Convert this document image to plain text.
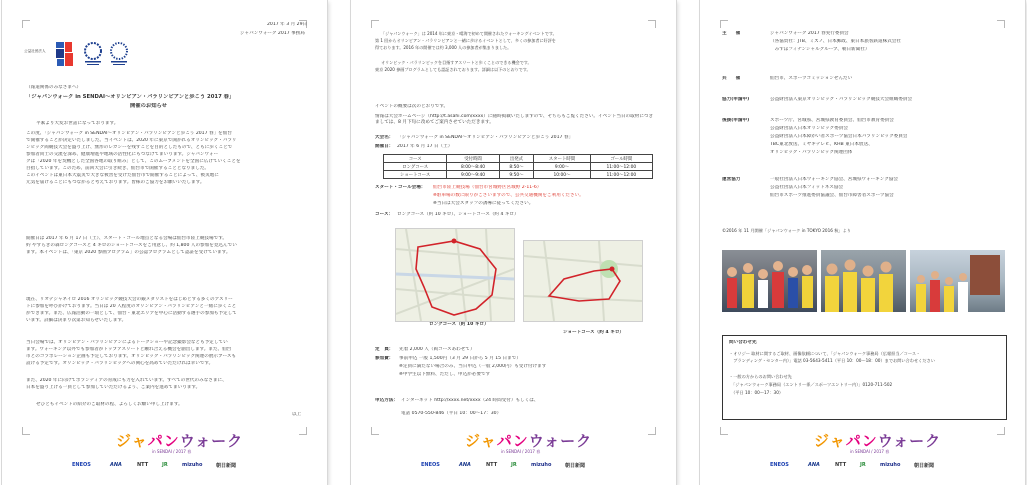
2017 年 3 月 29日
ジャパンウォーク 2017 事務局
公益社団法人
（報道関係のみなさまへ）
「ジャパンウォーク in SENDAI～オリンピアン・パラリンピアンと歩こう 2017 春」
開催のお知らせ
平素より大変お世話になっております。
この度、「ジャパンウォーク in SENDAI～オリンピアン・パラリンピアンと歩こう 2017 春」を仙台
で開催することが決定いたしました。当イベントは、2020 年に東京で開かれるオリンピック・パラリ
ンピック両競技大会を盛り上げ、無形のレガシーを残すことを目的としたもので、ともに歩くことで
参加者同士の交流を深め、健康増進や地域の活性化にもつなげてまいります。ジャパンウォー
クは「2020 年を契機とした全国各地の取り組み」として、このムーブメントを全国に広げていくことを
目指しています。このため、前回大会に引き続き、仙台市で開催することとなりました。
このイベントは東日本大震災で大きな被害を受けた仙台市で開催することによって、被災地に
元気を届けることにもつながると考えております。皆様のご協力をお願いいたします。
開催日は 2017 年 6 月 17 日（土）、スタート・ゴール地点となる会場は仙台市陸上競技場です。
約 やすらぎの森ロングコースと 4 キロのショートコースをご用意し、約 1,800 人の参加を見込んでい
ます。本イベントは、「東京 2020 参画プログラム」の公認プログラムとして認証を受けています。
現在、リオデジャネイロ 2016 オリンピック競技大会の銀メダリストをはじめとする多くのアスリー
トに参加を呼びかけております。当日は 20 人程度のオリンピアン・パラリンピアンと一緒に歩くこと
ができます。また、広報活動の一環として、仙台・東北エリアを中心に活動する選手の参加も予定して
います。詳細は決まり次第お知らせいたします。
当日会場では、オリンピアン・パラリンピアンによるトークショーや記念撮影会なども予定してい
ます。ウォーキング以外でも参加者がトップアスリートと触れ合える機会を創出します。また、仙台
市とのコラボレーション企画も予定しております。オリンピック・パラリンピック関連の展示ブースも
設ける予定です。オリンピック・パラリンピックへの関心を高めていただければ幸いです。
また、2020 年に向けてボランティアの育成にも力を入れています。すべての世代のみなさまに、
日本を盛り上げる一員として参加していただけるよう、ご案内を進めてまいります。
ぜひともイベントの紹介のご取材の程、よろしくお願い申し上げます。
以上
ジャパンウォーク
in SENDAI / 2017 春
ENEOS	ANA	NTT	JR	mizuho	朝日新聞
「ジャパンウォーク」は 2014 年に東京・晴海で初めて開催されたウォーキングイベントです。
第 1 回からオリンピアン・パラリンピアンと一緒に歩けるイベントとして、多くの参加者に好評を
得ております。2016 年の開催では約 3,000 人の参加者が集まりました。
オリンピック・パラリンピックを目指すアスリートと歩くことのできる機会です。
東京 2020 参画プログラムとしても認証されております。詳細は以下のとおりです。
イベントの概要は次のとおりです。
情報は大会ホームページ（http://t.asahi.com/xxxx）に随時掲載いたしますので、そちらもご覧ください。イベント当日の取材につきましては、8 月下旬に改めてご案内させていただきます。
大会名： 「ジャパンウォーク in SENDAI～オリンピアン・パラリンピアンと歩こう 2017 春」
開催日： 2017 年 6 月 17 日（土）
コース	受付時間	出発式	スタート時間	ゴール時間
ロングコース	8:00～8:40	8:50～	9:00～	11:00～12:00
ショートコース	9:00～9:40	9:50～	10:00～	11:00～12:00
スタート・ゴール会場： 仙台市陸上競技場（仙台市宮城野区宮城野 2-11-6）
※駐車場の数に限りがございますので、公共交通機関をご利用ください。
※当日は大会スタッフの誘導に従ってください。
コース： ロングコース（約 10 キロ）、ショートコース（約 4 キロ）
ロングコース（約 10 キロ）
ショートコース（約 4 キロ）
定　員： 先着 2,000 人（両コースあわせて）
参加費： 事前申込 一般 1,500円（3 月 29 日から 5 月 15 日まで）
※定員に満たない場合のみ、当日申込（一般 2,000円）も受け付けます
※中学生以下無料、ただし、申込が必要です
申込方法： インターネット http://xxxx.net/xxxx（24 時間受付）もしくは、
電話 0570-550-846（平日 10：00～17：30）
ジャパンウォーク
in SENDAI / 2017 春
ENEOS	ANA	NTT	JR	mizuho	朝日新聞
主　　催	ジャパンウォーク 2017 春実行委員会
（各協賛社：JTB、ミズノ、日本郵政、東日本旅客鉄道株式会社
　みずほフィナンシャルグループ、朝日新聞社）
共　　催	仙台市、スポーツコミッションせんだい
協力(申請中)	公益財団法人東京オリンピック・パラリンピック競技大会組織委員会
後援(申請中)	スポーツ庁、宮城県、宮城県教育委員会、仙台市教育委員会
公益財団法人日本オリンピック委員会
公益財団法人日本障がい者スポーツ協会日本パラリンピック委員会
TBC東北放送、ミヤギテレビ、KHB 東日本放送、
オリンピック・パラリンピック関連団体
運営協力	一般社団法人日本ウォーキング協会、宮城県ウォーキング協会
公益社団法人日本フィットネス協会
仙台市スポーツ推進委員協議会、仙台市障害者スポーツ協会
©2016 年 11 月開催「ジャパンウォーク in TOKYO 2016 秋」より
問い合わせ先
・オリジー 取材に関するご取材、画像依頼について、「ジャパンウォーク事務局（広報担当／コース・
　ブランディング・センター内）」電話 03-5643-5411（平日 10：00～18：00）までお問い合わせください
・一般の方からのお問い合わせ先
　「ジャパンウォーク事務局（エントリー係／スポーツエントリー内）」0120-711-502
　（平日 10：00～17：30）
ジャパンウォーク
in SENDAI / 2017 春
ENEOS	ANA	NTT	JR	mizuho	朝日新聞
